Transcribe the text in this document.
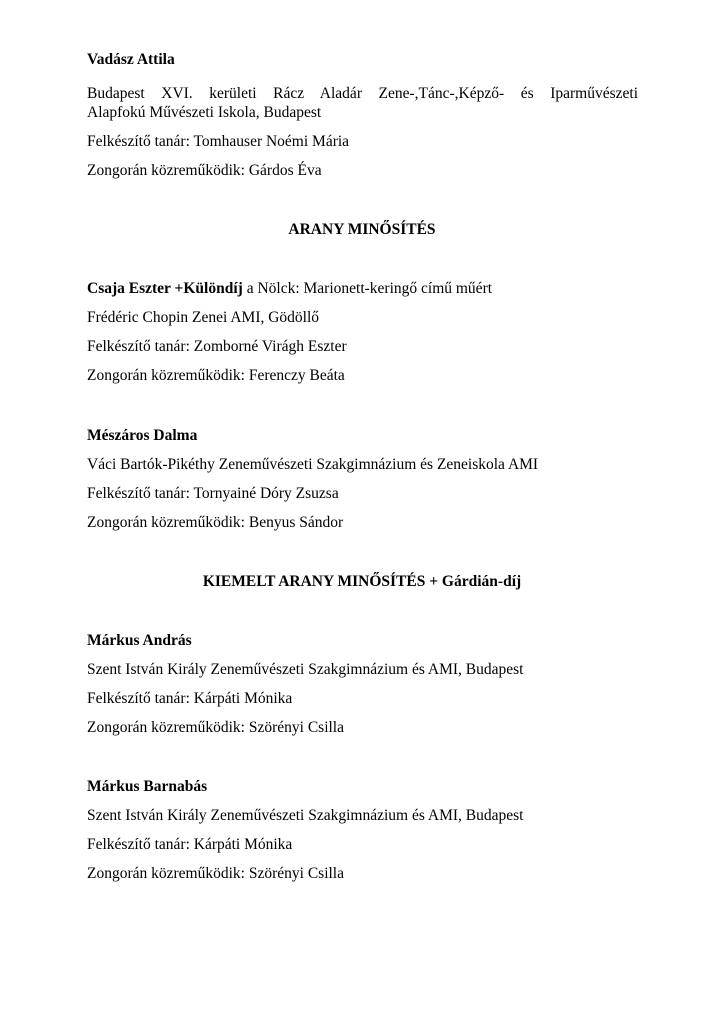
Vadász Attila
Budapest XVI. kerületi Rácz Aladár Zene-,Tánc-,Képző- és Iparművészeti
Alapfokú Művészeti Iskola, Budapest
Felkészítő tanár: Tomhauser Noémi Mária
Zongorán közreműködik: Gárdos Éva
ARANY MINŐSÍTÉS
Csaja Eszter +Különdíj a Nölck: Marionett-keringő című műért
Frédéric Chopin Zenei AMI, Gödöllő
Felkészítő tanár: Zomborné Virágh Eszter
Zongorán közreműködik: Ferenczy Beáta
Mészáros Dalma
Váci Bartók-Pikéthy Zeneművészeti Szakgimnázium és Zeneiskola AMI
Felkészítő tanár: Tornyainé Dóry Zsuzsa
Zongorán közreműködik: Benyus Sándor
KIEMELT ARANY MINŐSÍTÉS + Gárdián-díj
Márkus András
Szent István Király Zeneművészeti Szakgimnázium és AMI, Budapest
Felkészítő tanár: Kárpáti Mónika
Zongorán közreműködik: Szörényi Csilla
Márkus Barnabás
Szent István Király Zeneművészeti Szakgimnázium és AMI, Budapest
Felkészítő tanár: Kárpáti Mónika
Zongorán közreműködik: Szörényi Csilla
